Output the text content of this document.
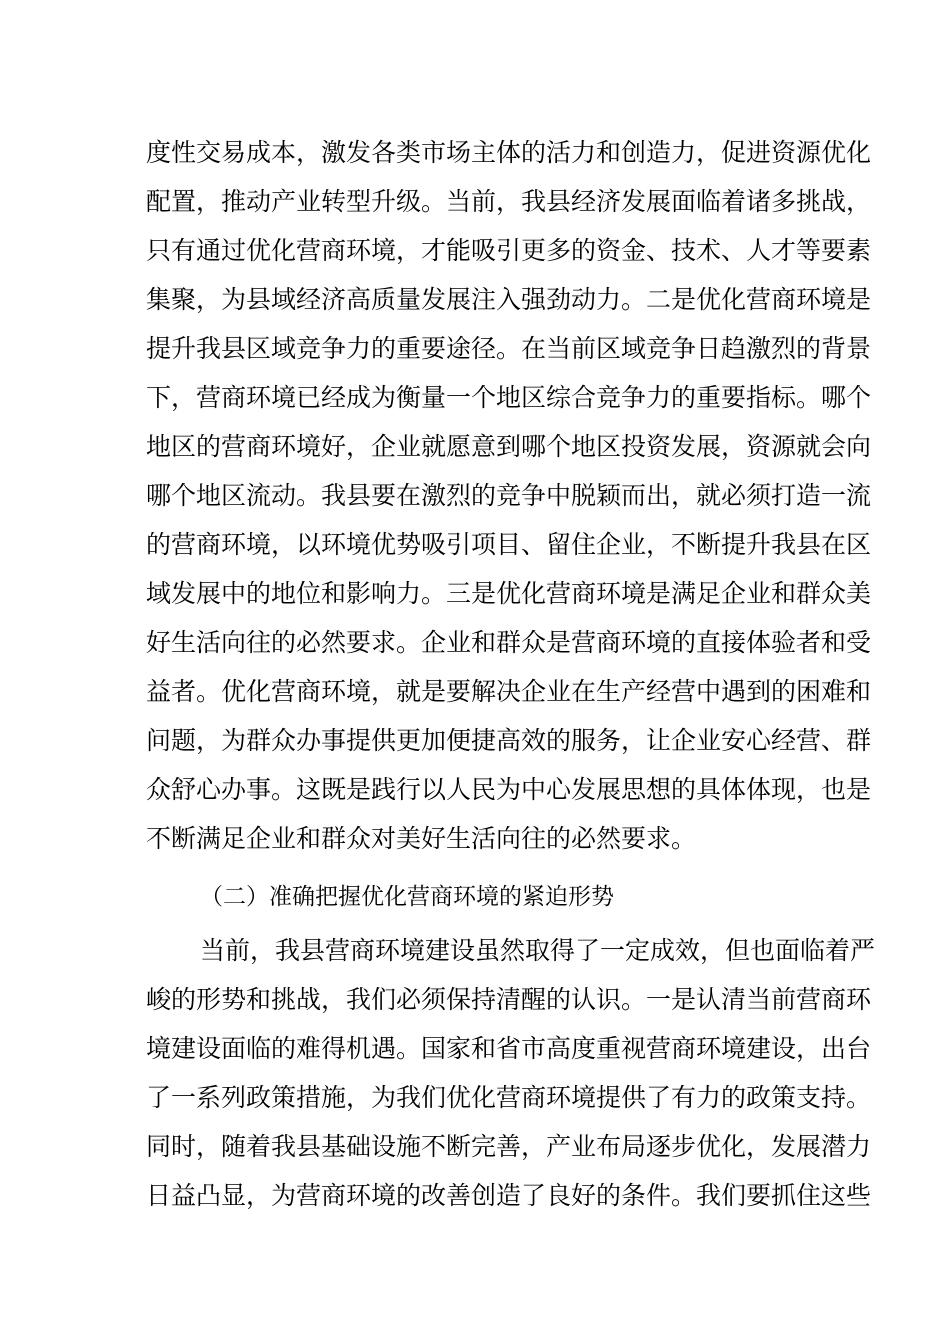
度性交易成本，激发各类市场主体的活力和创造力，促进资源优化
配置，推动产业转型升级。当前，我县经济发展面临着诸多挑战，
只有通过优化营商环境，才能吸引更多的资金、技术、人才等要素
集聚，为县域经济高质量发展注入强劲动力。二是优化营商环境是
提升我县区域竞争力的重要途径。在当前区域竞争日趋激烈的背景
下，营商环境已经成为衡量一个地区综合竞争力的重要指标。哪个
地区的营商环境好，企业就愿意到哪个地区投资发展，资源就会向
哪个地区流动。我县要在激烈的竞争中脱颖而出，就必须打造一流
的营商环境，以环境优势吸引项目、留住企业，不断提升我县在区
域发展中的地位和影响力。三是优化营商环境是满足企业和群众美
好生活向往的必然要求。企业和群众是营商环境的直接体验者和受
益者。优化营商环境，就是要解决企业在生产经营中遇到的困难和
问题，为群众办事提供更加便捷高效的服务，让企业安心经营、群
众舒心办事。这既是践行以人民为中心发展思想的具体体现，也是
不断满足企业和群众对美好生活向往的必然要求。
（二）准确把握优化营商环境的紧迫形势
当前，我县营商环境建设虽然取得了一定成效，但也面临着严
峻的形势和挑战，我们必须保持清醒的认识。一是认清当前营商环
境建设面临的难得机遇。国家和省市高度重视营商环境建设，出台
了一系列政策措施，为我们优化营商环境提供了有力的政策支持。
同时，随着我县基础设施不断完善，产业布局逐步优化，发展潜力
日益凸显，为营商环境的改善创造了良好的条件。我们要抓住这些
